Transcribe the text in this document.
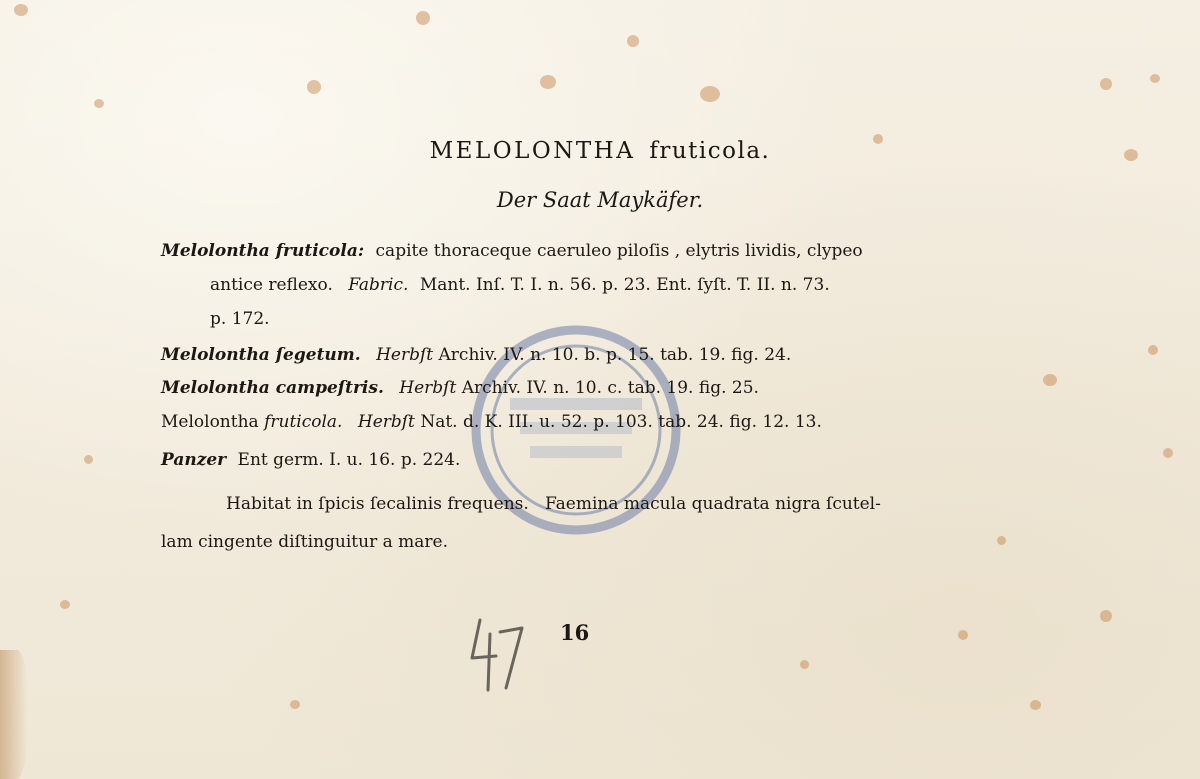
MELOLONTHA fruticola.
Der Saat Maykäfer.
Melolontha fruticola: capite thoraceque caeruleo piloſis , elytris lividis, clypeo
antice reflexo. Fabric. Mant. Inſ. T. I. n. 56. p. 23. Ent. ſyſt. T. II. n. 73.
p. 172.
Melolontha ſegetum. Herbſt Archiv. IV. n. 10. b. p. 15. tab. 19. fig. 24.
Melolontha campeſtris. Herbſt Archiv. IV. n. 10. c. tab. 19. fig. 25.
Melolontha fruticola. Herbſt Nat. d. K. III. u. 52. p. 103. tab. 24. fig. 12. 13.
Panzer Ent germ. I. u. 16. p. 224.
Habitat in ſpicis ſecalinis frequens.   Faemina macula quadrata nigra ſcutel-
lam cingente diſtinguitur a mare.
16
